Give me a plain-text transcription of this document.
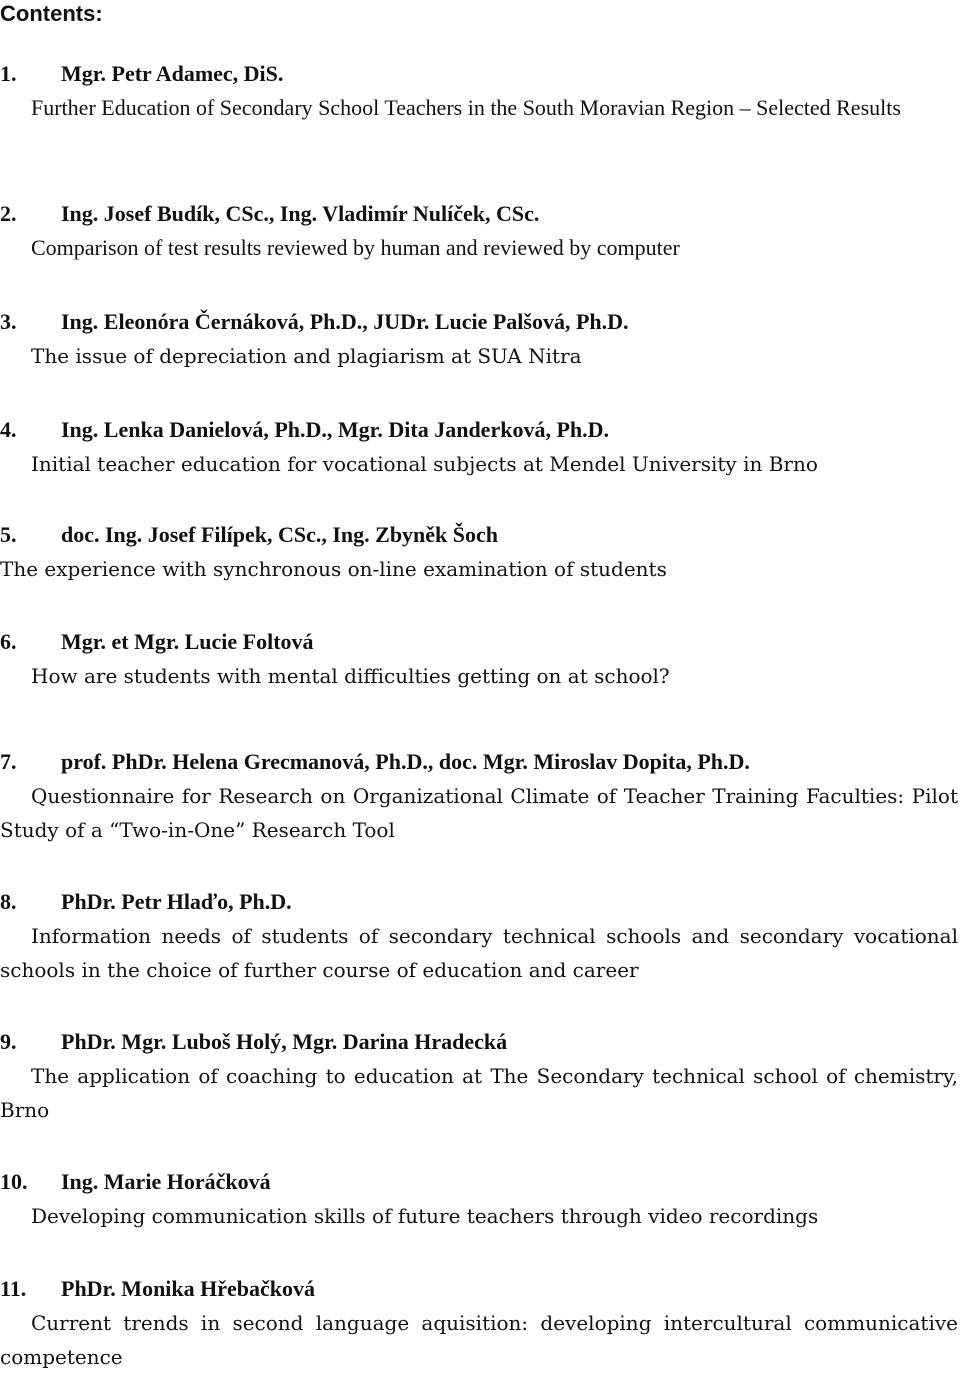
Contents:
1. Mgr. Petr Adamec, DiS.

Further Education of Secondary School Teachers in the South Moravian Region – Selected Results

2. Ing. Josef Budík, CSc., Ing. Vladimír Nulíček, CSc.

Comparison of test results reviewed by human and reviewed by computer

3. Ing. Eleonóra Černáková, Ph.D., JUDr. Lucie Palšová, Ph.D.

The issue of depreciation and plagiarism at SUA Nitra

4. Ing. Lenka Danielová, Ph.D., Mgr. Dita Janderková, Ph.D.

Initial teacher education for vocational subjects at Mendel University in Brno

5. doc. Ing. Josef Filípek, CSc., Ing. Zbyněk Šoch

The experience with synchronous on-line examination of students

6. Mgr. et Mgr. Lucie Foltová

How are students with mental difficulties getting on at school?

7. prof. PhDr. Helena Grecmanová, Ph.D., doc. Mgr. Miroslav Dopita, Ph.D.

Questionnaire for Research on Organizational Climate of Teacher Training Faculties: Pilot Study of a “Two-in-One” Research Tool

8. PhDr. Petr Hlaďo, Ph.D.

Information needs of students of secondary technical schools and secondary vocational schools in the choice of further course of education and career

9. PhDr. Mgr. Luboš Holý, Mgr. Darina Hradecká

The application of coaching to education at The Secondary technical school of chemistry, Brno

10. Ing. Marie Horáčková

Developing communication skills of future teachers through video recordings

11. PhDr. Monika Hřebačková

Current trends in second language aquisition: developing intercultural communicative competence
